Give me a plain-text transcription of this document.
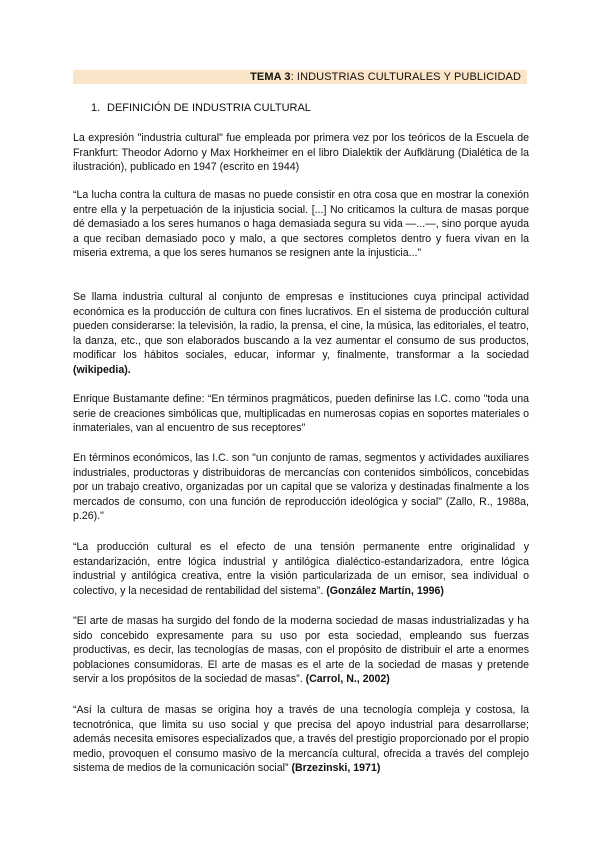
TEMA 3: INDUSTRIAS CULTURALES Y PUBLICIDAD
1. DEFINICIÓN DE INDUSTRIA CULTURAL

La expresión "industria cultural" fue empleada por primera vez por los teóricos de la Escuela de Frankfurt: Theodor Adorno y Max Horkheimer en el libro Dialektik der Aufklärung (Dialética de la ilustración), publicado en 1947 (escrito en 1944)

“La lucha contra la cultura de masas no puede consistir en otra cosa que en mostrar la conexión entre ella y la perpetuación de la injusticia social. [...] No criticamos la cultura de masas porque dé demasiado a los seres humanos o haga demasiada segura su vida —...—, sino porque ayuda a que reciban demasiado poco y malo, a que sectores completos dentro y fuera vivan en la miseria extrema, a que los seres humanos se resignen ante la injusticia...”

Se llama industria cultural al conjunto de empresas e instituciones cuya principal actividad económica es la producción de cultura con fines lucrativos. En el sistema de producción cultural pueden considerarse: la televisión, la radio, la prensa, el cine, la música, las editoriales, el teatro, la danza, etc., que son elaborados buscando a la vez aumentar el consumo de sus productos, modificar los hábitos sociales, educar, informar y, finalmente, transformar a la sociedad (wikipedia).

Enrique Bustamante define: “En términos pragmáticos, pueden definirse las I.C. como "toda una serie de creaciones simbólicas que, multiplicadas en numerosas copias en soportes materiales o inmateriales, van al encuentro de sus receptores"

En términos económicos, las I.C. son "un conjunto de ramas, segmentos y actividades auxiliares industriales, productoras y distribuidoras de mercancías con contenidos simbólicos, concebidas por un trabajo creativo, organizadas por un capital que se valoriza y destinadas finalmente a los mercados de consumo, con una función de reproducción ideológica y social" (Zallo, R., 1988a, p.26)."

“La producción cultural es el efecto de una tensión permanente entre originalidad y estandarización, entre lógica industrial y antilógica dialéctico-estandarizadora, entre lógica industrial y antilógica creativa, entre la visión particularizada de un emisor, sea individual o colectivo, y la necesidad de rentabilidad del sistema”. (González Martín, 1996)

"El arte de masas ha surgido del fondo de la moderna sociedad de masas industrializadas y ha sido concebido expresamente para su uso por esta sociedad, empleando sus fuerzas productivas, es decir, las tecnologías de masas, con el propósito de distribuir el arte a enormes poblaciones consumidoras. El arte de masas es el arte de la sociedad de masas y pretende servir a los propósitos de la sociedad de masas”. (Carrol, N., 2002)

“Así la cultura de masas se origina hoy a través de una tecnología compleja y costosa, la tecnotrónica, que limita su uso social y que precisa del apoyo industrial para desarrollarse; además necesita emisores especializados que, a través del prestigio proporcionado por el propio medio, provoquen el consumo masivo de la mercancía cultural, ofrecida a través del complejo sistema de medios de la comunicación social” (Brzezinski, 1971)
